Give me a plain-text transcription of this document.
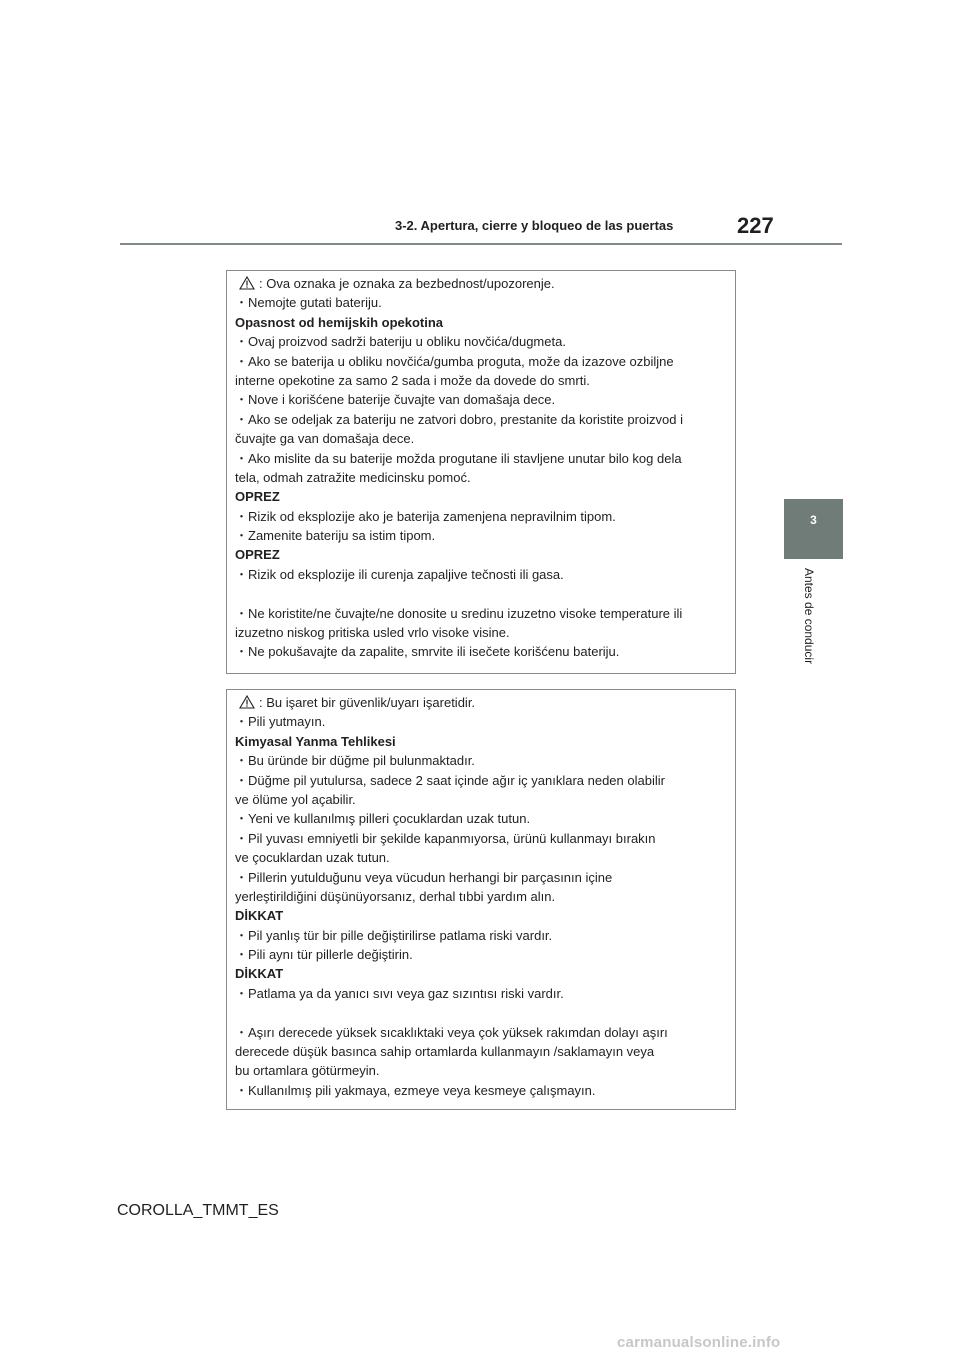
3-2. Apertura, cierre y bloqueo de las puertas	227
3
Antes de conducir
: Ova oznaka je oznaka za bezbednost/upozorenje.
・Nemojte gutati bateriju.
Opasnost od hemijskih opekotina
・Ovaj proizvod sadrži bateriju u obliku novčića/dugmeta.
・Ako se baterija u obliku novčića/gumba proguta, može da izazove ozbiljne
interne opekotine za samo 2 sada i može da dovede do smrti.
・Nove i korišćene baterije čuvajte van domašaja dece.
・Ako se odeljak za bateriju ne zatvori dobro, prestanite da koristite proizvod i
čuvajte ga van domašaja dece.
・Ako mislite da su baterije možda progutane ili stavljene unutar bilo kog dela
tela, odmah zatražite medicinsku pomoć.
OPREZ
・Rizik od eksplozije ako je baterija zamenjena nepravilnim tipom.
・Zamenite bateriju sa istim tipom.
OPREZ
・Rizik od eksplozije ili curenja zapaljive tečnosti ili gasa.
・Ne koristite/ne čuvajte/ne donosite u sredinu izuzetno visoke temperature ili
izuzetno niskog pritiska usled vrlo visoke visine.
・Ne pokušavajte da zapalite, smrvite ili isečete korišćenu bateriju.
: Bu işaret bir güvenlik/uyarı işaretidir.
・Pili yutmayın.
Kimyasal Yanma Tehlikesi
・Bu üründe bir düğme pil bulunmaktadır.
・Düğme pil yutulursa, sadece 2 saat içinde ağır iç yanıklara neden olabilir
ve ölüme yol açabilir.
・Yeni ve kullanılmış pilleri çocuklardan uzak tutun.
・Pil yuvası emniyetli bir şekilde kapanmıyorsa, ürünü kullanmayı bırakın
ve çocuklardan uzak tutun.
・Pillerin yutulduğunu veya vücudun herhangi bir parçasının içine
yerleştirildiğini düşünüyorsanız, derhal tıbbi yardım alın.
DİKKAT
・Pil yanlış tür bir pille değiştirilirse patlama riski vardır.
・Pili aynı tür pillerle değiştirin.
DİKKAT
・Patlama ya da yanıcı sıvı veya gaz sızıntısı riski vardır.
・Aşırı derecede yüksek sıcaklıktaki veya çok yüksek rakımdan dolayı aşırı
derecede düşük basınca sahip ortamlarda kullanmayın /saklamayın veya
bu ortamlara götürmeyin.
・Kullanılmış pili yakmaya, ezmeye veya kesmeye çalışmayın.
COROLLA_TMMT_ES
carmanualsonline.info
